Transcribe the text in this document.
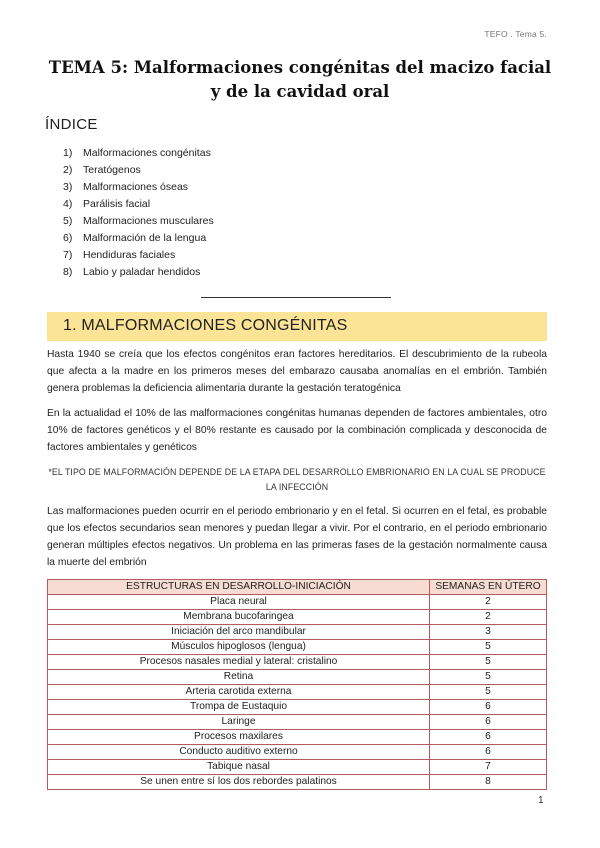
TEFO . Tema 5.
TEMA 5: Malformaciones congénitas del macizo facial
y de la cavidad oral
ÍNDICE
1)	Malformaciones congénitas
2)	Teratógenos
3)	Malformaciones óseas
4)	Parálisis facial
5)	Malformaciones musculares
6)	Malformación de la lengua
7)	Hendiduras faciales
8)	Labio y paladar hendidos
1. MALFORMACIONES CONGÉNITAS

Hasta 1940 se creía que los efectos congénitos eran factores hereditarios. El descubrimiento de la rubeola que afecta a la madre en los primeros meses del embarazo causaba anomalías en el embrión. También genera problemas la deficiencia alimentaria durante la gestación teratogénica

En la actualidad el 10% de las malformaciones congénitas humanas dependen de factores ambientales, otro 10% de factores genéticos y el 80% restante es causado por la combinación complicada y desconocida de factores ambientales y genéticos

*EL TIPO DE MALFORMACIÓN DEPENDE DE LA ETAPA DEL DESARROLLO EMBRIONARIO EN LA CUAL SE PRODUCE LA INFECCIÓN

Las malformaciones pueden ocurrir en el periodo embrionario y en el fetal. Si ocurren en el fetal, es probable que los efectos secundarios sean menores y puedan llegar a vivir. Por el contrario, en el periodo embrionario generan múltiples efectos negativos. Un problema en las primeras fases de la gestación normalmente causa la muerte del embrión

ESTRUCTURAS EN DESARROLLO-INICIACIÓN	SEMANAS EN ÚTERO
Placa neural	2
Membrana bucofaringea	2
Iniciación del arco mandibular	3
Músculos hipoglosos (lengua)	5
Procesos nasales medial y lateral: cristalino	5
Retina	5
Arteria carotida externa	5
Trompa de Eustaquio	6
Laringe	6
Procesos maxilares	6
Conducto auditivo externo	6
Tabique nasal	7
Se unen entre sí los dos rebordes palatinos	8
1
